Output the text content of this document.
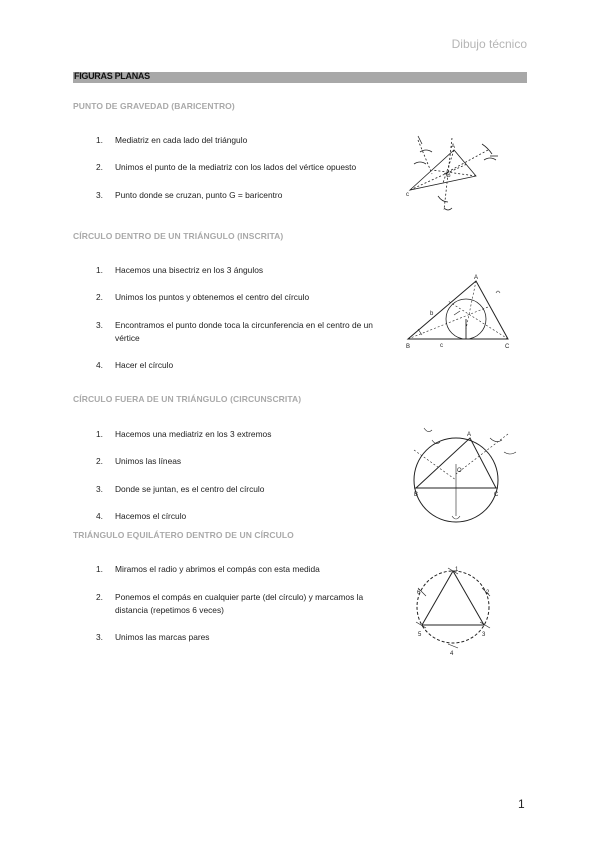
Dibujo técnico
FIGURAS PLANAS
PUNTO DE GRAVEDAD (BARICENTRO)
1. Mediatriz en cada lado del triángulo
2. Unimos el punto de la mediatriz con los lados del vértice opuesto
3. Punto donde se cruzan, punto G = baricentro
A
G
c
CÍRCULO DENTRO DE UN TRIÁNGULO (INSCRITA)
1. Hacemos una bisectriz en los 3 ángulos
2. Unimos los puntos y obtenemos el centro del círculo
3. Encontramos el punto donde toca la circunferencia en el centro de un vértice
4. Hacer el círculo
A
B	C
b
c
CÍRCULO FUERA DE UN TRIÁNGULO (CIRCUNSCRITA)
1. Hacemos una mediatriz en los 3 extremos
2. Unimos las líneas
3. Donde se juntan, es el centro del círculo
4. Hacemos el círculo
A
B	C
O
TRIÁNGULO EQUILÁTERO DENTRO DE UN CÍRCULO
1. Miramos el radio y abrimos el compás con esta medida
2. Ponemos el compás en cualquier parte (del círculo) y marcamos la distancia (repetimos 6 veces)
3. Unimos las marcas pares
1
2
3
4
5
6
1
